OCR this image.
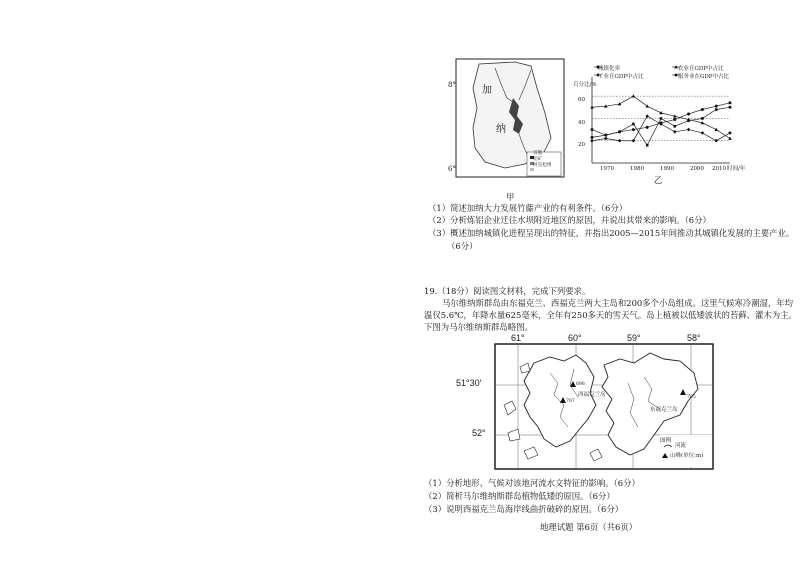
8°
6°
加
纳
首都
铝矿
阿克松博
甲
百分比/%
城镇化率
工业在GDP中占比
农业在GDP中占比
服务业在GDP中占比
60
40
20
1970	1980	1990	2000 2010 时间/年
乙
（1）简述加纳大力发展竹藤产业的有利条件。（6分）
（2）分析炼铝企业迁往水坝附近地区的原因，并说出其带来的影响。（6分）
（3）概述加纳城镇化进程呈现出的特征，并指出2005—2015年间推动其城镇化发展的主要产业。
（6分）
19.（18分）阅读图文材料，完成下列要求。
马尔维纳斯群岛由东福克兰、西福克兰两大主岛和200多个小岛组成。这里气候寒冷潮湿，年均
温仅5.6℃，年降水量625毫米，全年有250多天的雪天气。岛上植被以低矮波状的苔藓、灌木为主。
下图为马尔维纳斯群岛略图。
61°	60°	59°	58°
51°30′
52°
698
707
705
西福克兰岛
东福克兰岛
图例
河流
山峰(单位:m)
（1）分析地形、气候对该地河流水文特征的影响。（6分）
（2）简析马尔维纳斯群岛植物低矮的原因。（6分）
（3）说明西福克兰岛海岸线曲折破碎的原因。（6分）
地理试题 第6页（共6页）
